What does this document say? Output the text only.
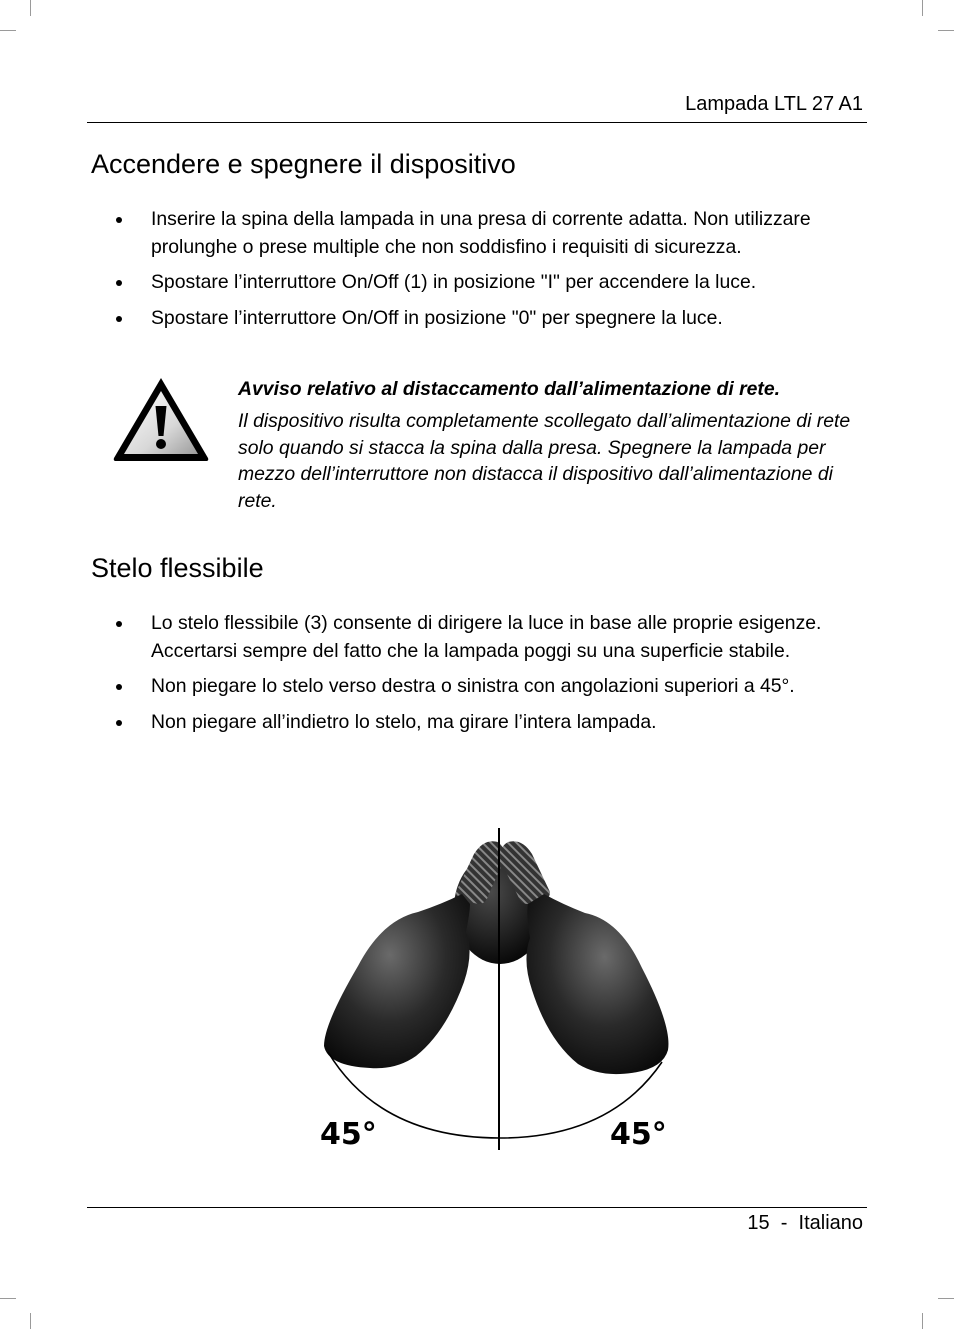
Lampada LTL 27 A1
Accendere e spegnere il dispositivo
Inserire la spina della lampada in una presa di corrente adatta. Non utilizzare prolunghe o prese multiple che non soddisfino i requisiti di sicurezza.
Spostare l’interruttore On/Off (1) in posizione "I" per accendere la luce.
Spostare l’interruttore On/Off in posizione "0" per spegnere la luce.
Avviso relativo al distaccamento dall’alimentazione di rete.

Il dispositivo risulta completamente scollegato dall’alimentazione di rete solo quando si stacca la spina dalla presa. Spegnere la lampada per mezzo dell’interruttore non distacca il dispositivo dall’alimentazione di rete.

Stelo flessibile
Lo stelo flessibile (3) consente di dirigere la luce in base alle proprie esigenze. Accertarsi sempre del fatto che la lampada poggi su una superficie stabile.
Non piegare lo stelo verso destra o sinistra con angolazioni superiori a 45°.
Non piegare all’indietro lo stelo, ma girare l’intera lampada.
45°	45°
15  -  Italiano
